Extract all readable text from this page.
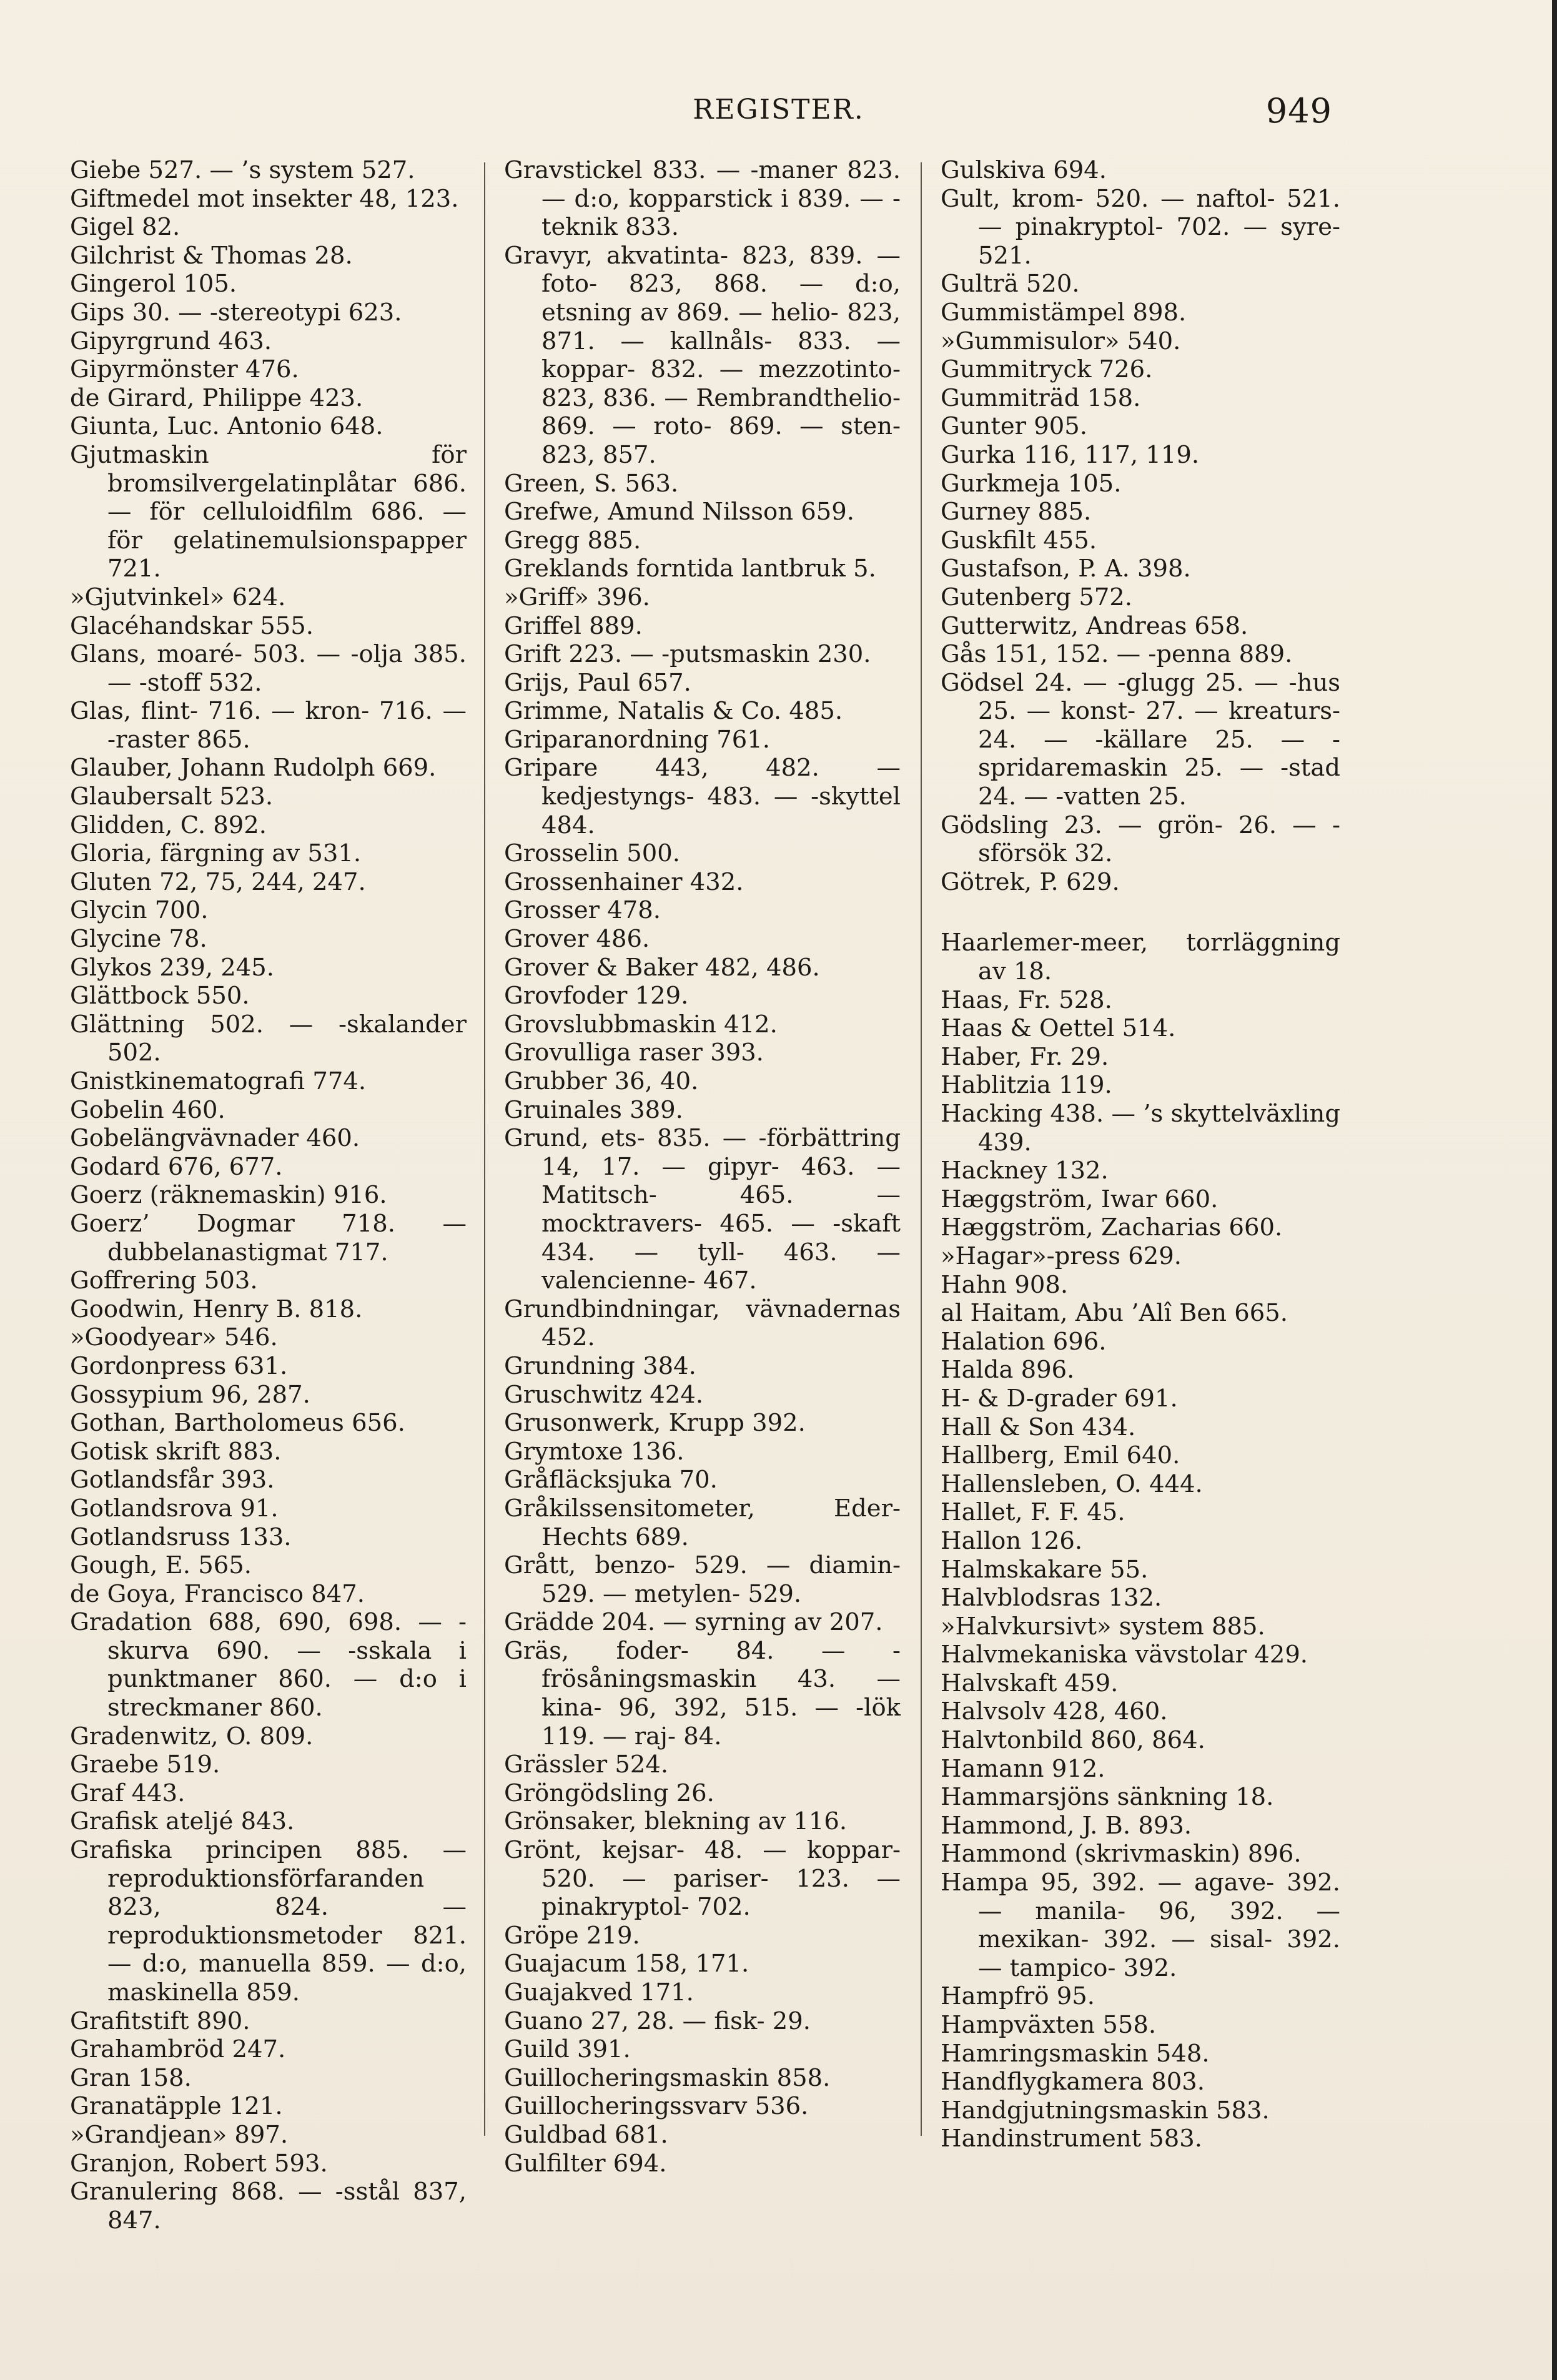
REGISTER.	949
Giebe 527. — ’s system 527.
Giftmedel mot insekter 48, 123.
Gigel 82.
Gilchrist & Thomas 28.
Gingerol 105.
Gips 30. — -stereotypi 623.
Gipyrgrund 463.
Gipyrmönster 476.
de Girard, Philippe 423.
Giunta, Luc. Antonio 648.
Gjutmaskin för bromsilvergelatinplåtar 686. — för celluloidfilm 686. — för gelatinemulsionspapper 721.
»Gjutvinkel» 624.
Glacéhandskar 555.
Glans, moaré- 503. — -olja 385. — -stoff 532.
Glas, flint- 716. — kron- 716. — -raster 865.
Glauber, Johann Rudolph 669.
Glaubersalt 523.
Glidden, C. 892.
Gloria, färgning av 531.
Gluten 72, 75, 244, 247.
Glycin 700.
Glycine 78.
Glykos 239, 245.
Glättbock 550.
Glättning 502. — -skalander 502.
Gnistkinematografi 774.
Gobelin 460.
Gobelängvävnader 460.
Godard 676, 677.
Goerz (räknemaskin) 916.
Goerz’ Dogmar 718. — dubbelanastigmat 717.
Goffrering 503.
Goodwin, Henry B. 818.
»Goodyear» 546.
Gordonpress 631.
Gossypium 96, 287.
Gothan, Bartholomeus 656.
Gotisk skrift 883.
Gotlandsfår 393.
Gotlandsrova 91.
Gotlandsruss 133.
Gough, E. 565.
de Goya, Francisco 847.
Gradation 688, 690, 698. — -skurva 690. — -sskala i punktmaner 860. — d:o i streckmaner 860.
Gradenwitz, O. 809.
Graebe 519.
Graf 443.
Grafisk ateljé 843.
Grafiska principen 885. — reproduktionsförfaranden 823, 824. — reproduktionsmetoder 821. — d:o, manuella 859. — d:o, maskinella 859.
Grafitstift 890.
Grahambröd 247.
Gran 158.
Granatäpple 121.
»Grandjean» 897.
Granjon, Robert 593.
Granulering 868. — -sstål 837, 847.
Gravstickel 833. — -maner 823. — d:o, kopparstick i 839. — -teknik 833.
Gravyr, akvatinta- 823, 839. — foto- 823, 868. — d:o, etsning av 869. — helio- 823, 871. — kallnåls- 833. — koppar- 832. — mezzotinto- 823, 836. — Rembrandthelio- 869. — roto- 869. — sten- 823, 857.
Green, S. 563.
Grefwe, Amund Nilsson 659.
Gregg 885.
Greklands forntida lantbruk 5.
»Griff» 396.
Griffel 889.
Grift 223. — -putsmaskin 230.
Grijs, Paul 657.
Grimme, Natalis & Co. 485.
Griparanordning 761.
Gripare 443, 482. — kedjestyngs- 483. — -skyttel 484.
Grosselin 500.
Grossenhainer 432.
Grosser 478.
Grover 486.
Grover & Baker 482, 486.
Grovfoder 129.
Grovslubbmaskin 412.
Grovulliga raser 393.
Grubber 36, 40.
Gruinales 389.
Grund, ets- 835. — -förbättring 14, 17. — gipyr- 463. — Matitsch- 465. — mocktravers- 465. — -skaft 434. — tyll- 463. — valencienne- 467.
Grundbindningar, vävnadernas 452.
Grundning 384.
Gruschwitz 424.
Grusonwerk, Krupp 392.
Grymtoxe 136.
Gråfläcksjuka 70.
Gråkilssensitometer, Eder-Hechts 689.
Grått, benzo- 529. — diamin- 529. — metylen- 529.
Grädde 204. — syrning av 207.
Gräs, foder- 84. — -frösåningsmaskin 43. — kina- 96, 392, 515. — -lök 119. — raj- 84.
Grässler 524.
Gröngödsling 26.
Grönsaker, blekning av 116.
Grönt, kejsar- 48. — koppar- 520. — pariser- 123. — pinakryptol- 702.
Gröpe 219.
Guajacum 158, 171.
Guajakved 171.
Guano 27, 28. — fisk- 29.
Guild 391.
Guillocheringsmaskin 858.
Guillocheringssvarv 536.
Guldbad 681.
Gulfilter 694.
Gulskiva 694.
Gult, krom- 520. — naftol- 521. — pinakryptol- 702. — syre- 521.
Gulträ 520.
Gummistämpel 898.
»Gummisulor» 540.
Gummitryck 726.
Gummiträd 158.
Gunter 905.
Gurka 116, 117, 119.
Gurkmeja 105.
Gurney 885.
Guskfilt 455.
Gustafson, P. A. 398.
Gutenberg 572.
Gutterwitz, Andreas 658.
Gås 151, 152. — -penna 889.
Gödsel 24. — -glugg 25. — -hus 25. — konst- 27. — kreaturs- 24. — -källare 25. — -spridaremaskin 25. — -stad 24. — -vatten 25.
Gödsling 23. — grön- 26. — -sförsök 32.
Götrek, P. 629.
Haarlemer-meer, torrläggning av 18.
Haas, Fr. 528.
Haas & Oettel 514.
Haber, Fr. 29.
Hablitzia 119.
Hacking 438. — ’s skyttelväxling 439.
Hackney 132.
Hæggström, Iwar 660.
Hæggström, Zacharias 660.
»Hagar»-press 629.
Hahn 908.
al Haitam, Abu ’Alî Ben 665.
Halation 696.
Halda 896.
H- & D-grader 691.
Hall & Son 434.
Hallberg, Emil 640.
Hallensleben, O. 444.
Hallet, F. F. 45.
Hallon 126.
Halmskakare 55.
Halvblodsras 132.
»Halvkursivt» system 885.
Halvmekaniska vävstolar 429.
Halvskaft 459.
Halvsolv 428, 460.
Halvtonbild 860, 864.
Hamann 912.
Hammarsjöns sänkning 18.
Hammond, J. B. 893.
Hammond (skrivmaskin) 896.
Hampa 95, 392. — agave- 392. — manila- 96, 392. — mexikan- 392. — sisal- 392. — tampico- 392.
Hampfrö 95.
Hampväxten 558.
Hamringsmaskin 548.
Handflygkamera 803.
Handgjutningsmaskin 583.
Handinstrument 583.
